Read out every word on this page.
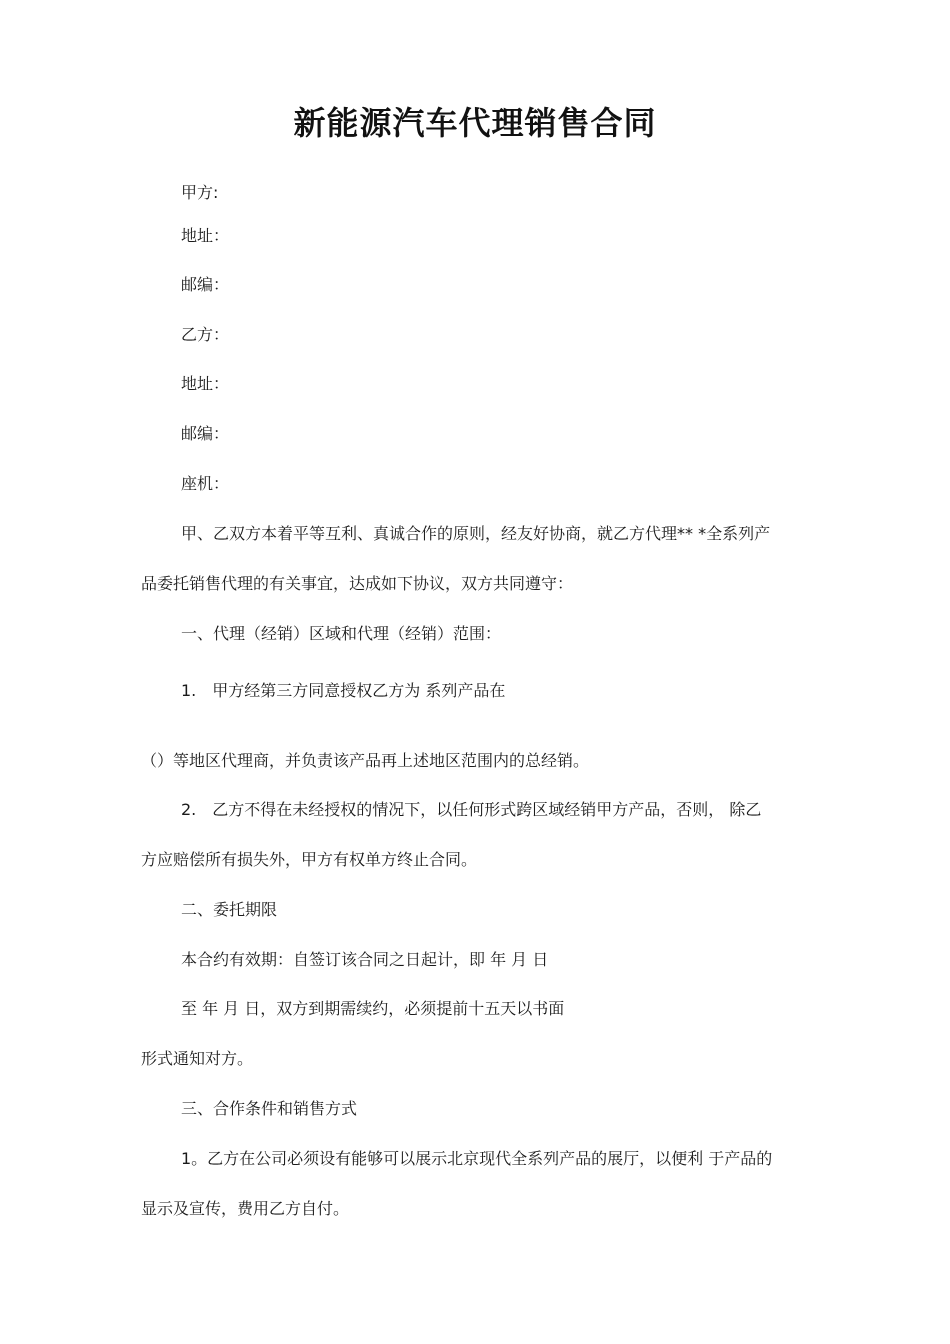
新能源汽车代理销售合同
甲方:
地址：
邮编：
乙方：
地址：
邮编：
座机：
甲、乙双方本着平等互利、真诚合作的原则，经友好协商，就乙方代理** *全系列产
品委托销售代理的有关事宜，达成如下协议，双方共同遵守：
一、代理（经销）区域和代理（经销）范围：
1. 甲方经第三方同意授权乙方为 系列产品在
（）等地区代理商，并负责该产品再上述地区范围内的总经销。
2. 乙方不得在未经授权的情况下，以任何形式跨区域经销甲方产品，否则， 除乙
方应赔偿所有损失外，甲方有权单方终止合同。
二、委托期限
本合约有效期：自签订该合同之日起计，即 年 月 日
至 年 月 日，双方到期需续约，必须提前十五天以书面
形式通知对方。
三、合作条件和销售方式
1。乙方在公司必须设有能够可以展示北京现代全系列产品的展厅，以便利 于产品的
显示及宣传，费用乙方自付。
